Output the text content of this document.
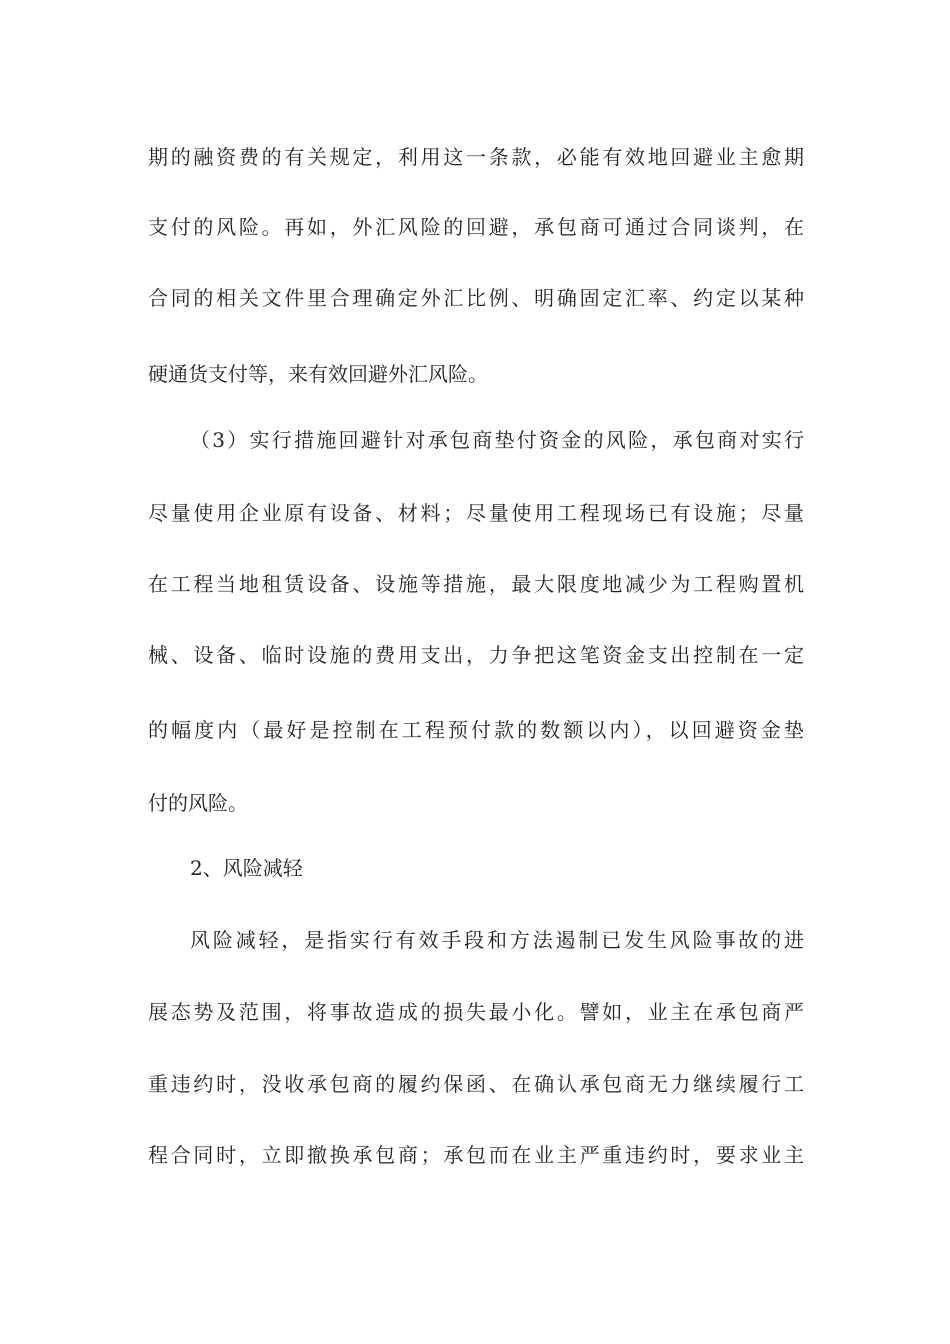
期的融资费的有关规定，利用这一条款，必能有效地回避业主愈期
支付的风险。再如，外汇风险的回避，承包商可通过合同谈判，在
合同的相关文件里合理确定外汇比例、明确固定汇率、约定以某种
硬通货支付等，来有效回避外汇风险。
（3）实行措施回避针对承包商垫付资金的风险，承包商对实行
尽量使用企业原有设备、材料；尽量使用工程现场已有设施；尽量
在工程当地租赁设备、设施等措施，最大限度地减少为工程购置机
械、设备、临时设施的费用支出，力争把这笔资金支出控制在一定
的幅度内（最好是控制在工程预付款的数额以内），以回避资金垫
付的风险。
2、风险减轻
风险减轻，是指实行有效手段和方法遏制已发生风险事故的进
展态势及范围，将事故造成的损失最小化。譬如，业主在承包商严
重违约时，没收承包商的履约保函、在确认承包商无力继续履行工
程合同时，立即撤换承包商；承包而在业主严重违约时，要求业主
